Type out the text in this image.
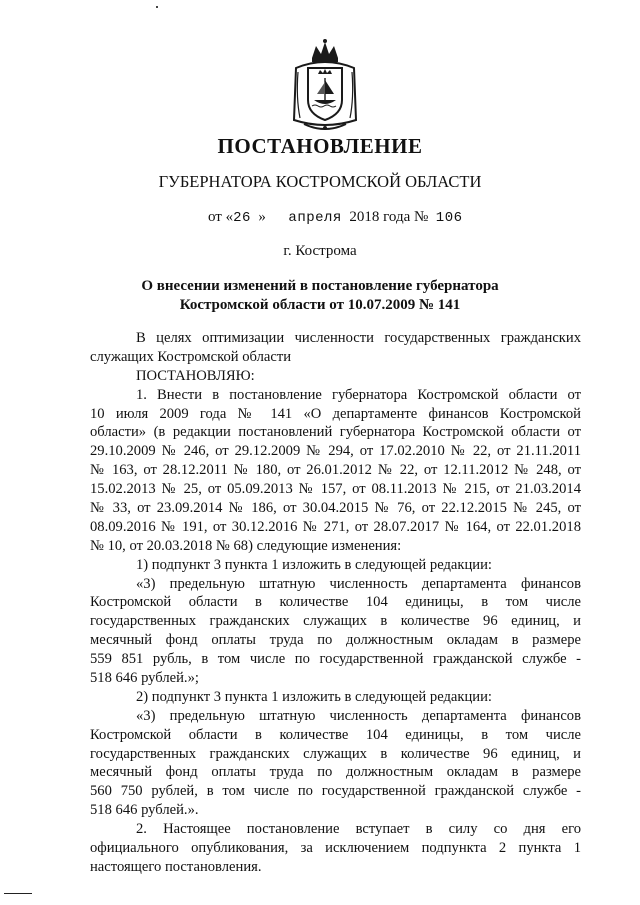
ПОСТАНОВЛЕНИЕ
ГУБЕРНАТОРА КОСТРОМСКОЙ ОБЛАСТИ
от «26 » апреля 2018 года № 106
г. Кострома
О внесении изменений в постановление губернатора
Костромской области от 10.07.2009 № 141
В целях оптимизации численности государственных гражданских
служащих Костромской области
ПОСТАНОВЛЯЮ:
1. Внести в постановление губернатора Костромской области от
10 июля 2009 года № 141 «О департаменте финансов Костромской
области» (в редакции постановлений губернатора Костромской области от
29.10.2009 № 246, от 29.12.2009 № 294, от 17.02.2010 № 22, от 21.11.2011
№ 163, от 28.12.2011 № 180, от 26.01.2012 № 22, от 12.11.2012 № 248, от
15.02.2013 № 25, от 05.09.2013 № 157, от 08.11.2013 № 215, от 21.03.2014
№ 33, от 23.09.2014 № 186, от 30.04.2015 № 76, от 22.12.2015 № 245, от
08.09.2016 № 191, от 30.12.2016 № 271, от 28.07.2017 № 164, от 22.01.2018
№ 10, от 20.03.2018 № 68) следующие изменения:
1) подпункт 3 пункта 1 изложить в следующей редакции:
«3) предельную штатную численность департамента финансов
Костромской области в количестве 104 единицы, в том числе
государственных гражданских служащих в количестве 96 единиц, и
месячный фонд оплаты труда по должностным окладам в размере
559 851 рубль, в том числе по государственной гражданской службе -
518 646 рублей.»;
2) подпункт 3 пункта 1 изложить в следующей редакции:
«3) предельную штатную численность департамента финансов
Костромской области в количестве 104 единицы, в том числе
государственных гражданских служащих в количестве 96 единиц, и
месячный фонд оплаты труда по должностным окладам в размере
560 750 рублей, в том числе по государственной гражданской службе -
518 646 рублей.».
2. Настоящее постановление вступает в силу со дня его
официального опубликования, за исключением подпункта 2 пункта 1
настоящего постановления.
